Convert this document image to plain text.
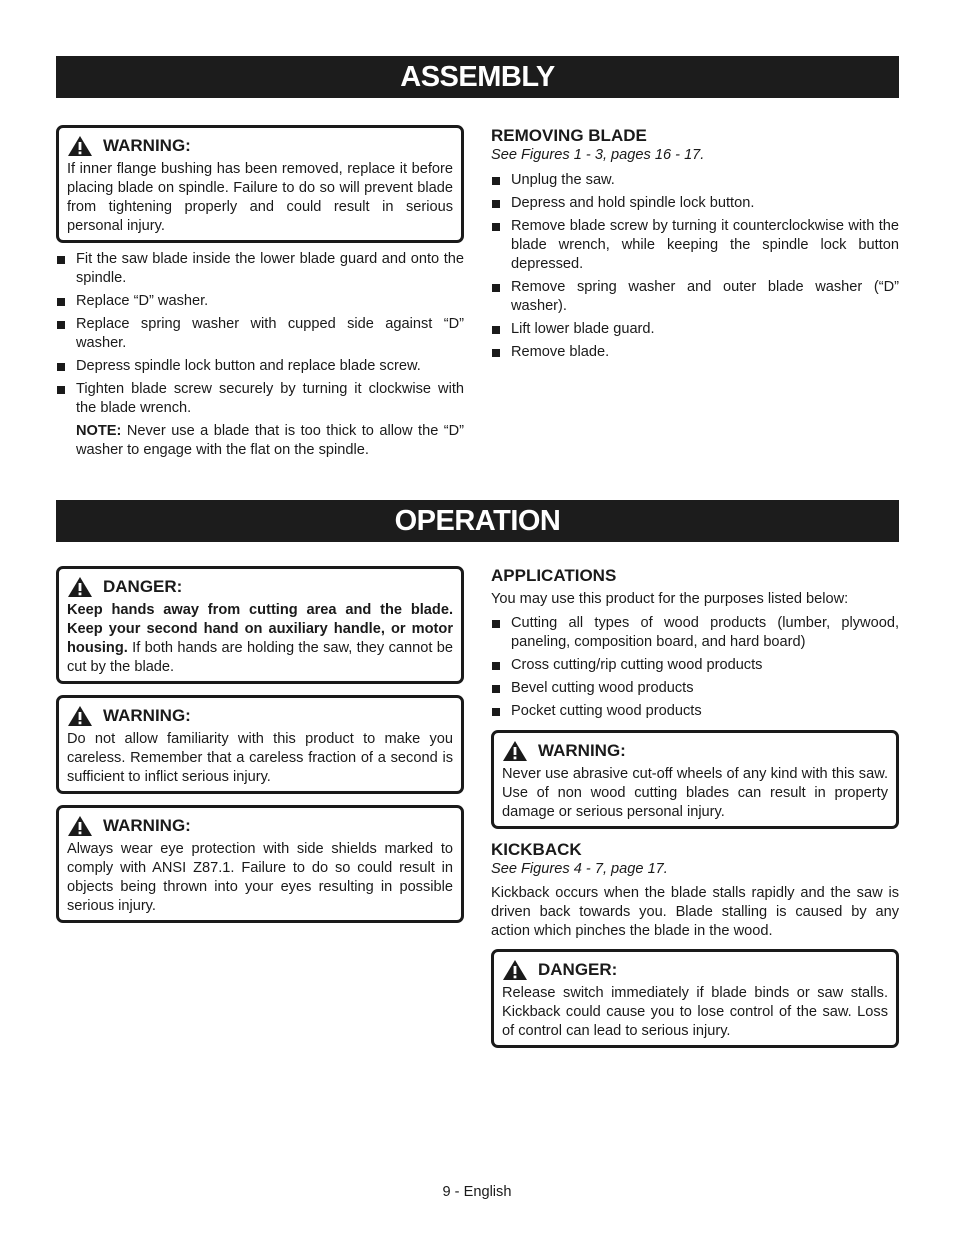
ASSEMBLY
WARNING:
If inner flange bushing has been removed, replace it before placing blade on spindle. Failure to do so will prevent blade from tightening properly and could result in serious personal injury.
Fit the saw blade inside the lower blade guard and onto the spindle.
Replace “D” washer.
Replace spring washer with cupped side against “D” washer.
Depress spindle lock button and replace blade screw.
Tighten blade screw securely by turning it clockwise with the blade wrench.
NOTE: Never use a blade that is too thick to allow the “D” washer to engage with the flat on the spindle.
REMOVING BLADE
See Figures 1 - 3, pages 16 - 17.
Unplug the saw.
Depress and hold spindle lock button.
Remove blade screw by turning it counterclockwise with the blade wrench, while keeping the spindle lock button depressed.
Remove spring washer and outer blade washer (“D” washer).
Lift lower blade guard.
Remove blade.
OPERATION
DANGER:
Keep hands away from cutting area and the blade. Keep your second hand on auxiliary handle, or motor housing. If both hands are holding the saw, they cannot be cut by the blade.
WARNING:
Do not allow familiarity with this product to make you careless. Remember that a careless fraction of a second is sufficient to inflict serious injury.
WARNING:
Always wear eye protection with side shields marked to comply with ANSI Z87.1. Failure to do so could result in objects being thrown into your eyes resulting in possible serious injury.
APPLICATIONS
You may use this product for the purposes listed below:
Cutting all types of wood products (lumber, plywood, paneling, composition board, and hard board)
Cross cutting/rip cutting wood products
Bevel cutting wood products
Pocket cutting wood products
WARNING:
Never use abrasive cut-off wheels of any kind with this saw. Use of non wood cutting blades can result in property damage or serious personal injury.
KICKBACK
See Figures 4 - 7, page 17.
Kickback occurs when the blade stalls rapidly and the saw is driven back towards you. Blade stalling is caused by any action which pinches the blade in the wood.
DANGER:
Release switch immediately if blade binds or saw stalls. Kickback could cause you to lose control of the saw. Loss of control can lead to serious injury.
9 - English
